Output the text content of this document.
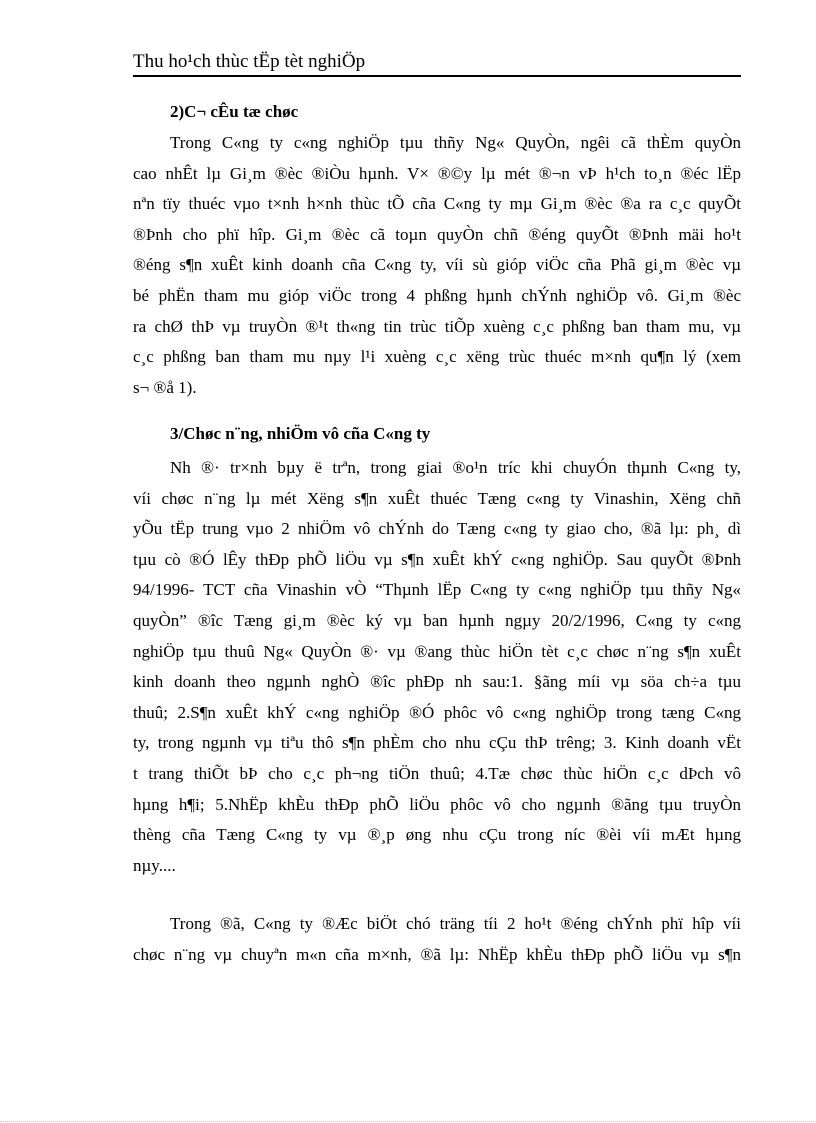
Thu ho¹ch thùc tËp tèt nghiÖp
2)C¬ cÊu tæ chøc
Trong C«ng ty c«ng nghiÖp tµu thñy Ng« QuyÒn, ngêi cã thÈm quyÒn
cao nhÊt lµ Gi¸m ®èc ®iÒu hµnh. V× ®©y lµ mét ®¬n vÞ h¹ch to¸n ®éc lËp
nªn tïy thuéc vµo t×nh h×nh thùc tÕ cña C«ng ty mµ Gi¸m ®èc ®a ra c¸c quyÕt
®Þnh cho phï hîp. Gi¸m ®èc cã toµn quyÒn chñ ®éng quyÕt ®Þnh mäi ho¹t
®éng s¶n xuÊt kinh doanh cña C«ng ty, víi sù gióp viÖc cña Phã gi¸m ®èc vµ
bé phËn tham mu gióp viÖc trong 4 phßng hµnh chÝnh nghiÖp vô. Gi¸m ®èc
ra chØ thÞ vµ truyÒn ®¹t th«ng tin trùc tiÕp xuèng c¸c phßng ban tham mu, vµ
c¸c phßng ban tham mu nµy l¹i xuèng c¸c xëng trùc thuéc m×nh qu¶n lý (xem
s¬ ®å 1).
3/Chøc n¨ng, nhiÖm vô cña C«ng ty
Nh ®· tr×nh bµy ë trªn, trong giai ®o¹n tríc khi chuyÓn thµnh C«ng ty,
víi chøc n¨ng lµ mét Xëng s¶n xuÊt thuéc Tæng c«ng ty Vinashin, Xëng chñ
yÕu tËp trung vµo 2 nhiÖm vô chÝnh do Tæng c«ng ty giao cho, ®ã lµ: ph¸ dì
tµu cò ®Ó lÊy thÐp phÕ liÖu vµ s¶n xuÊt khÝ c«ng nghiÖp. Sau quyÕt ®Þnh
94/1996- TCT cña Vinashin vÒ “Thµnh lËp C«ng ty c«ng nghiÖp tµu thñy Ng«
quyÒn” ®îc Tæng gi¸m ®èc ký vµ ban hµnh ngµy 20/2/1996, C«ng ty c«ng
nghiÖp tµu thuû Ng« QuyÒn ®· vµ ®ang thùc hiÖn tèt c¸c chøc n¨ng s¶n xuÊt
kinh doanh theo ngµnh nghÒ ®îc phÐp nh sau:1. §ãng míi vµ söa ch÷a tµu
thuû; 2.S¶n xuÊt khÝ c«ng nghiÖp ®Ó phôc vô c«ng nghiÖp trong tæng C«ng
ty, trong ngµnh vµ tiªu thô s¶n phÈm cho nhu cÇu thÞ trêng; 3. Kinh doanh vËt
t trang thiÕt bÞ cho c¸c ph¬ng tiÖn thuû; 4.Tæ chøc thùc hiÖn c¸c dÞch vô
hµng h¶i; 5.NhËp khÈu thÐp phÕ liÖu phôc vô cho ngµnh ®ãng tµu truyÒn
thèng cña Tæng C«ng ty vµ ®¸p øng nhu cÇu trong níc ®èi víi mÆt hµng
nµy....
Trong ®ã, C«ng ty ®Æc biÖt chó träng tíi 2 ho¹t ®éng chÝnh phï hîp víi
chøc n¨ng vµ chuyªn m«n cña m×nh, ®ã lµ: NhËp khÈu thÐp phÕ liÖu vµ s¶n
